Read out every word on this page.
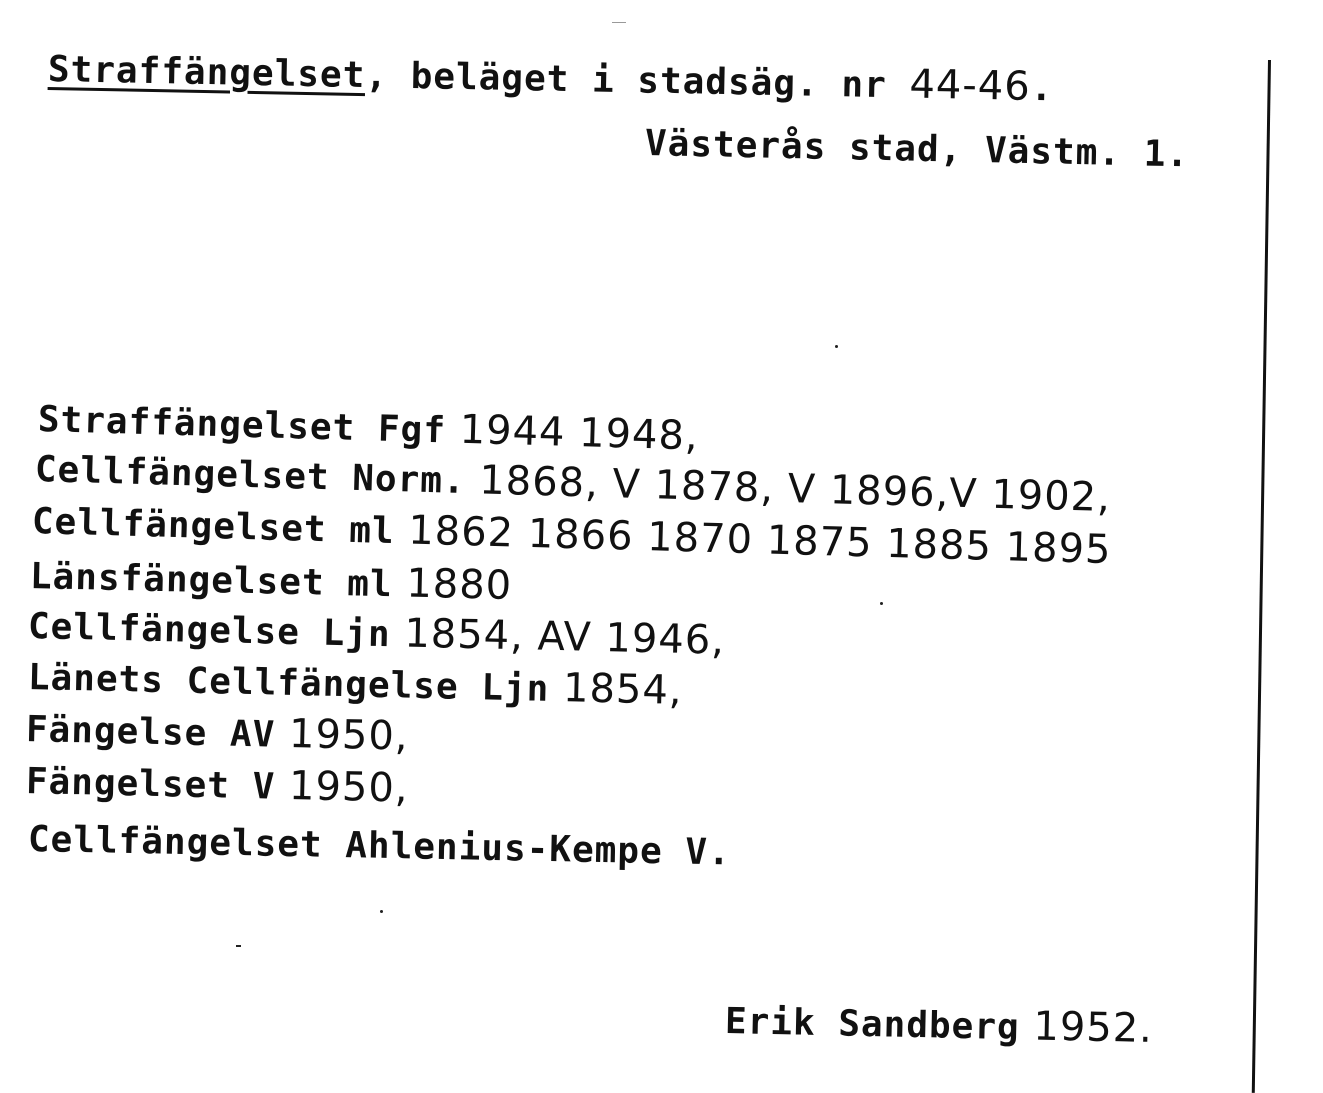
Straffängelset, beläget i stadsäg. nr 44-46.
Västerås stad, Västm. 1.
Straffängelset Fgf 1944 1948,
Cellfängelset Norm. 1868, V 1878, V 1896,V 1902,
Cellfängelset ml 1862 1866 1870 1875 1885 1895
Länsfängelset ml 1880
Cellfängelse Ljn 1854, AV 1946,
Länets Cellfängelse Ljn 1854,
Fängelse AV 1950,
Fängelset V 1950,
Cellfängelset Ahlenius-Kempe V.
Erik Sandberg 1952.
